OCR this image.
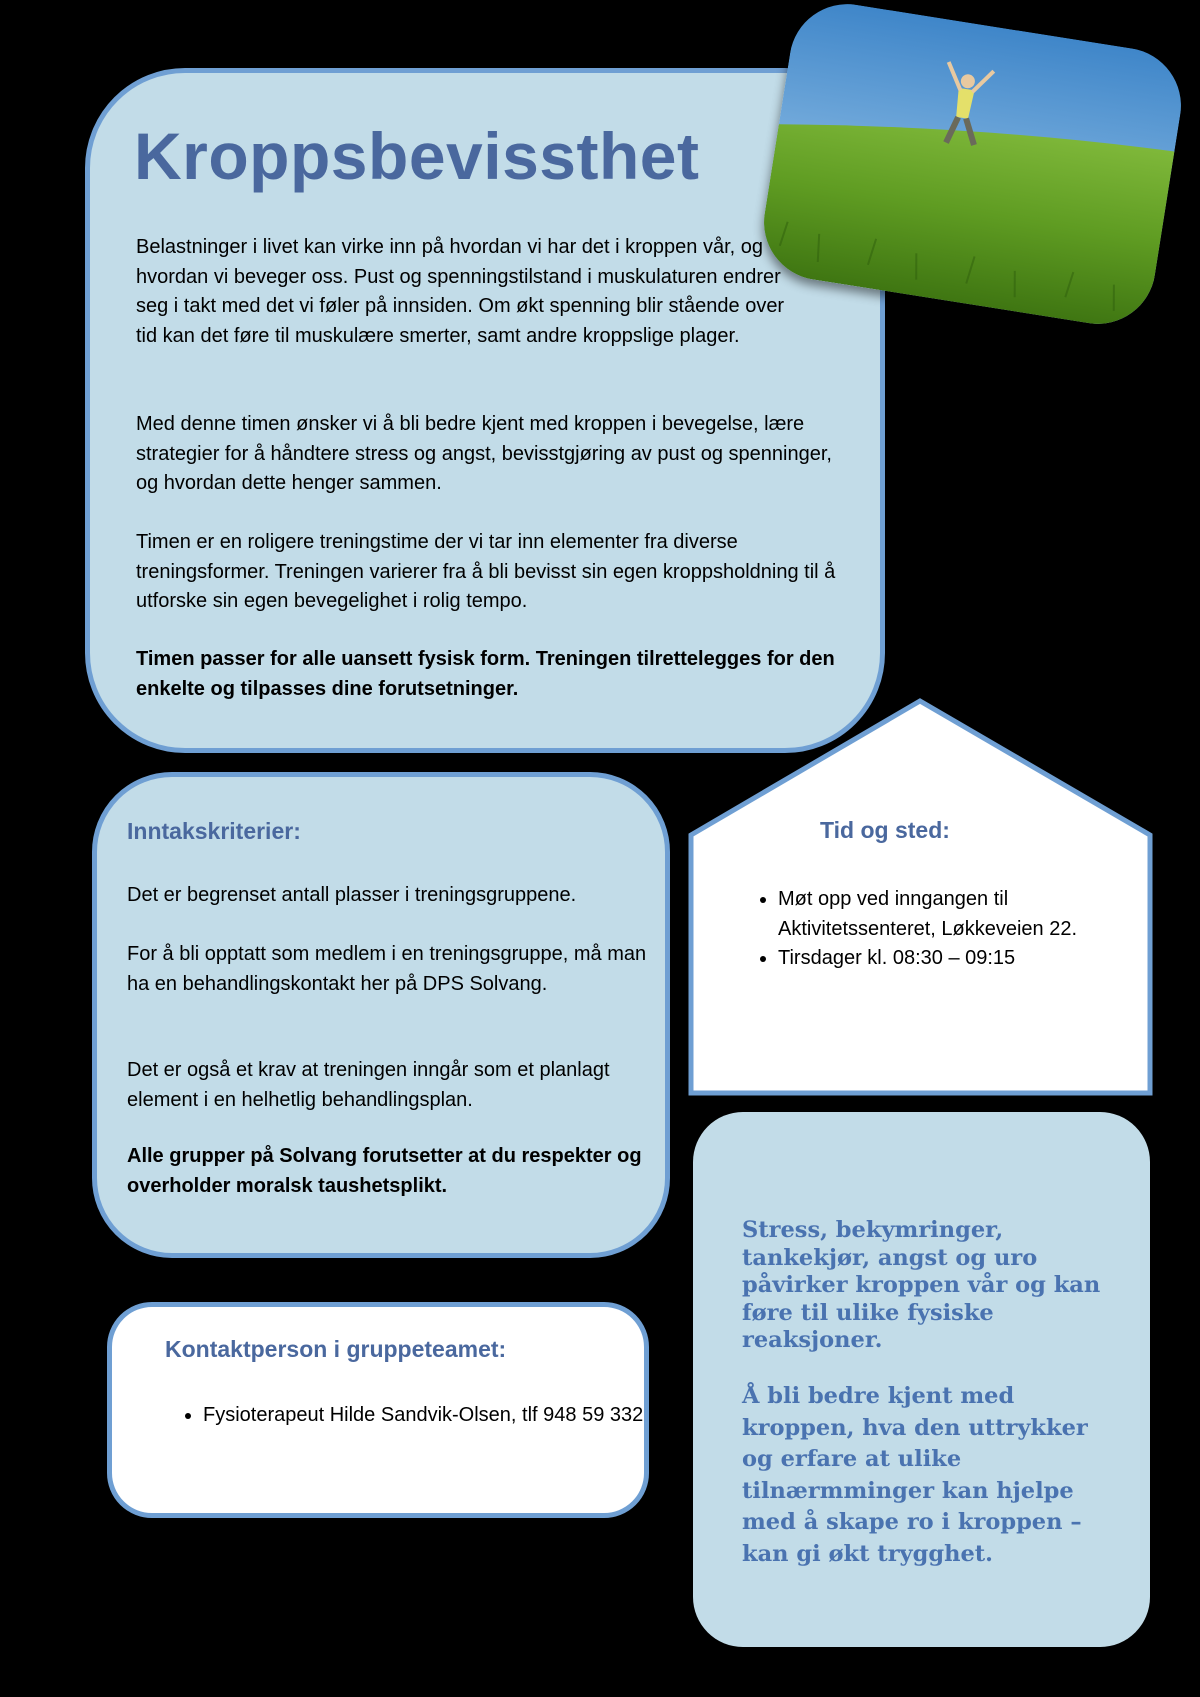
Kroppsbevissthet

Belastninger i livet kan virke inn på hvordan vi har det i kroppen vår, og hvordan vi beveger oss. Pust og spenningstilstand i muskulaturen endrer seg i takt med det vi føler på innsiden. Om økt spenning blir stående over tid kan det føre til muskulære smerter, samt andre kroppslige plager.

Med denne timen ønsker vi å bli bedre kjent med kroppen i bevegelse, lære strategier for å håndtere stress og angst, bevisstgjøring av pust og spenninger, og hvordan dette henger sammen.

Timen er en roligere treningstime der vi tar inn elementer fra diverse treningsformer. Treningen varierer fra å bli bevisst sin egen kroppsholdning til å utforske sin egen bevegelighet i rolig tempo.

Timen passer for alle uansett fysisk form. Treningen tilrettelegges for den enkelte og tilpasses dine forutsetninger.

Inntakskriterier:

Det er begrenset antall plasser i treningsgruppene.

For å bli opptatt som medlem i en treningsgruppe, må man ha en behandlingskontakt her på DPS Solvang.

Det er også et krav at treningen inngår som et planlagt element i en helhetlig behandlingsplan.

Alle grupper på Solvang forutsetter at du respekter og overholder moralsk taushetsplikt.

Tid og sted:
• Møt opp ved inngangen til Aktivitetssenteret, Løkkeveien 22.
• Tirsdager kl. 08:30 – 09:15
Kontaktperson i gruppeteamet:
• Fysioterapeut Hilde Sandvik-Olsen, tlf 948 59 332

Stress, bekymringer, tankekjør, angst og uro påvirker kroppen vår og kan føre til ulike fysiske reaksjoner.

Å bli bedre kjent med kroppen, hva den uttrykker og erfare at ulike tilnærmminger kan hjelpe med å skape ro i kroppen – kan gi økt trygghet.
